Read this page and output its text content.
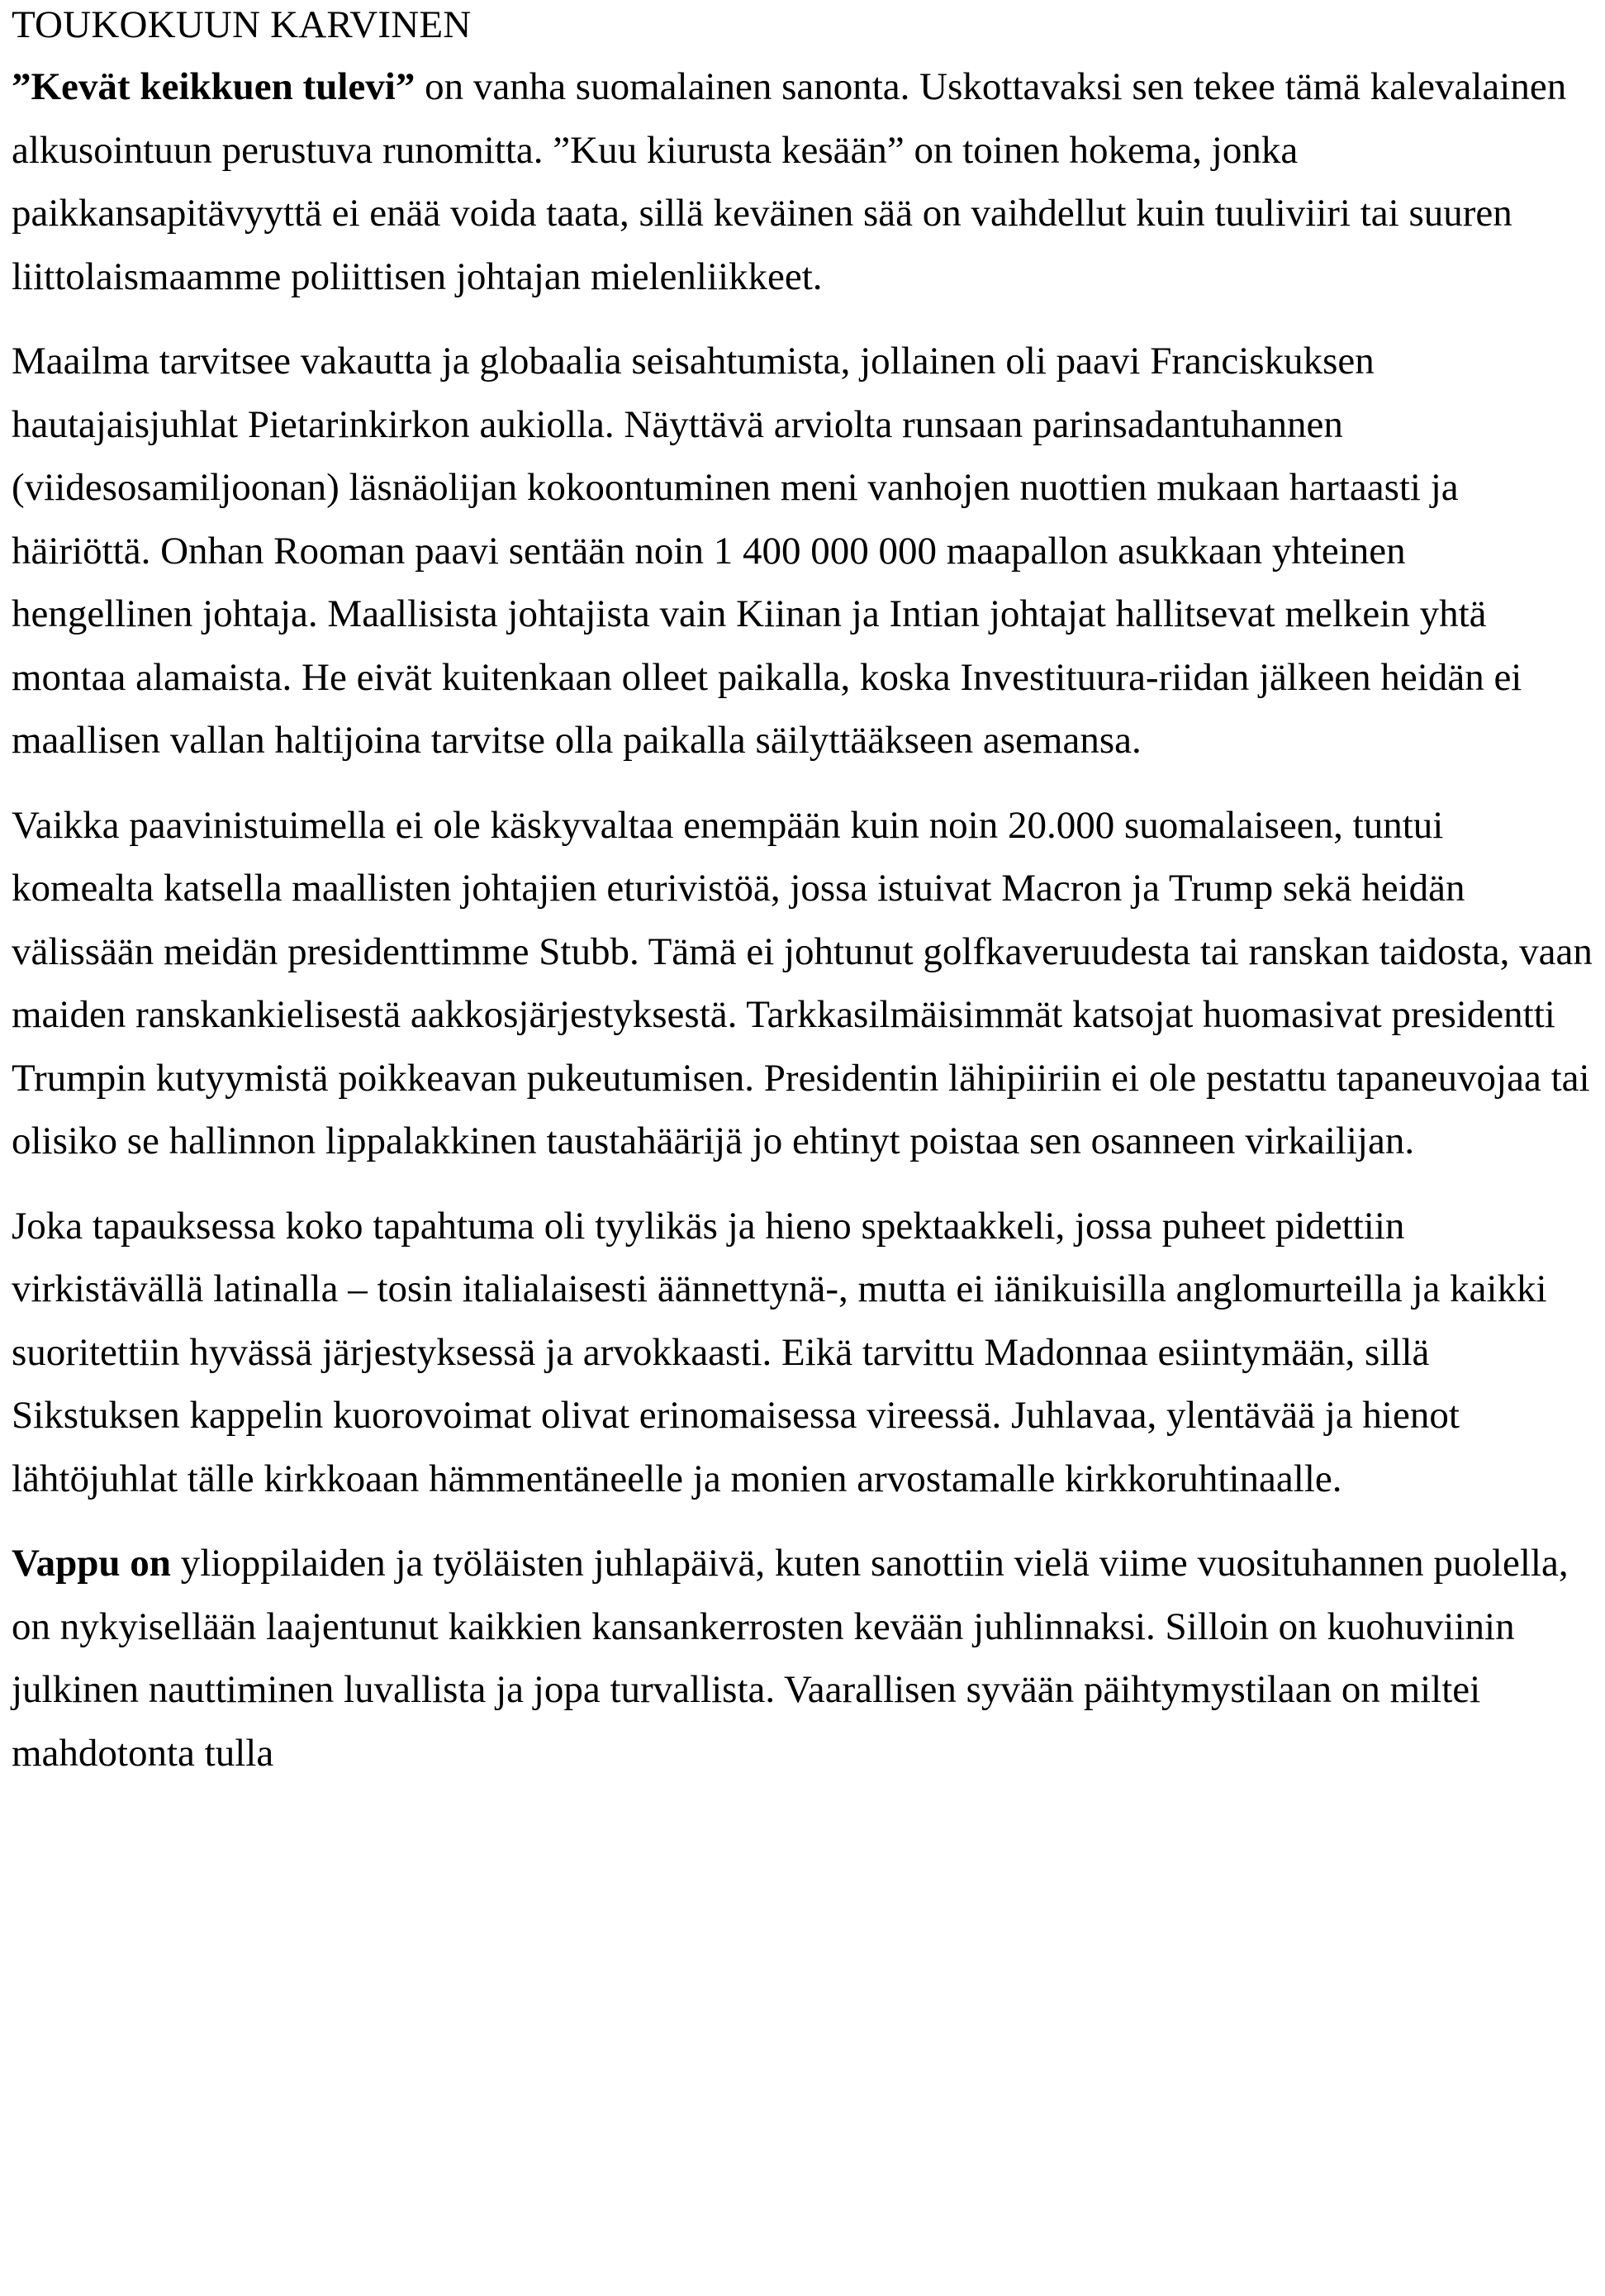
TOUKOKUUN KARVINEN

”Kevät keikkuen tulevi” on vanha suomalainen sanonta. Uskottavaksi sen tekee tämä kalevalainen alkusointuun perustuva runomitta. ”Kuu kiurusta kesään” on toinen hokema, jonka paikkansapitävyyttä ei enää voida taata, sillä keväinen sää on vaihdellut kuin tuuliviiri tai suuren liittolaismaamme poliittisen johtajan mielenliikkeet.

Maailma tarvitsee vakautta ja globaalia seisahtumista, jollainen oli paavi Franciskuksen hautajaisjuhlat Pietarinkirkon aukiolla. Näyttävä arviolta runsaan parinsadantuhannen (viidesosamiljoonan) läsnäolijan kokoontuminen meni vanhojen nuottien mukaan hartaasti ja häiriöttä. Onhan Rooman paavi sentään noin 1 400 000 000 maapallon asukkaan yhteinen hengellinen johtaja. Maallisista johtajista vain Kiinan ja Intian johtajat hallitsevat melkein yhtä montaa alamaista. He eivät kuitenkaan olleet paikalla, koska Investituura-riidan jälkeen heidän ei maallisen vallan haltijoina tarvitse olla paikalla säilyttääkseen asemansa.

Vaikka paavinistuimella ei ole käskyvaltaa enempään kuin noin 20.000 suomalaiseen, tuntui komealta katsella maallisten johtajien eturivistöä, jossa istuivat Macron ja Trump sekä heidän välissään meidän presidenttimme Stubb. Tämä ei johtunut golfkaveruudesta tai ranskan taidosta, vaan maiden ranskankielisestä aakkosjärjestyksestä. Tarkkasilmäisimmät katsojat huomasivat presidentti Trumpin kutyymistä poikkeavan pukeutumisen. Presidentin lähipiiriin ei ole pestattu tapaneuvojaa tai olisiko se hallinnon lippalakkinen taustahäärijä jo ehtinyt poistaa sen osanneen virkailijan.

Joka tapauksessa koko tapahtuma oli tyylikäs ja hieno spektaakkeli, jossa puheet pidettiin virkistävällä latinalla – tosin italialaisesti äännettynä-, mutta ei iänikuisilla anglomurteilla ja kaikki suoritettiin hyvässä järjestyksessä ja arvokkaasti. Eikä tarvittu Madonnaa esiintymään, sillä Sikstuksen kappelin kuorovoimat olivat erinomaisessa vireessä. Juhlavaa, ylentävää ja hienot lähtöjuhlat tälle kirkkoaan hämmentäneelle ja monien arvostamalle kirkkoruhtinaalle.

Vappu on ylioppilaiden ja työläisten juhlapäivä, kuten sanottiin vielä viime vuosituhannen puolella, on nykyisellään laajentunut kaikkien kansankerrosten kevään juhlinnaksi. Silloin on kuohuviinin julkinen nauttiminen luvallista ja jopa turvallista. Vaarallisen syvään päihtymystilaan on miltei mahdotonta tulla
